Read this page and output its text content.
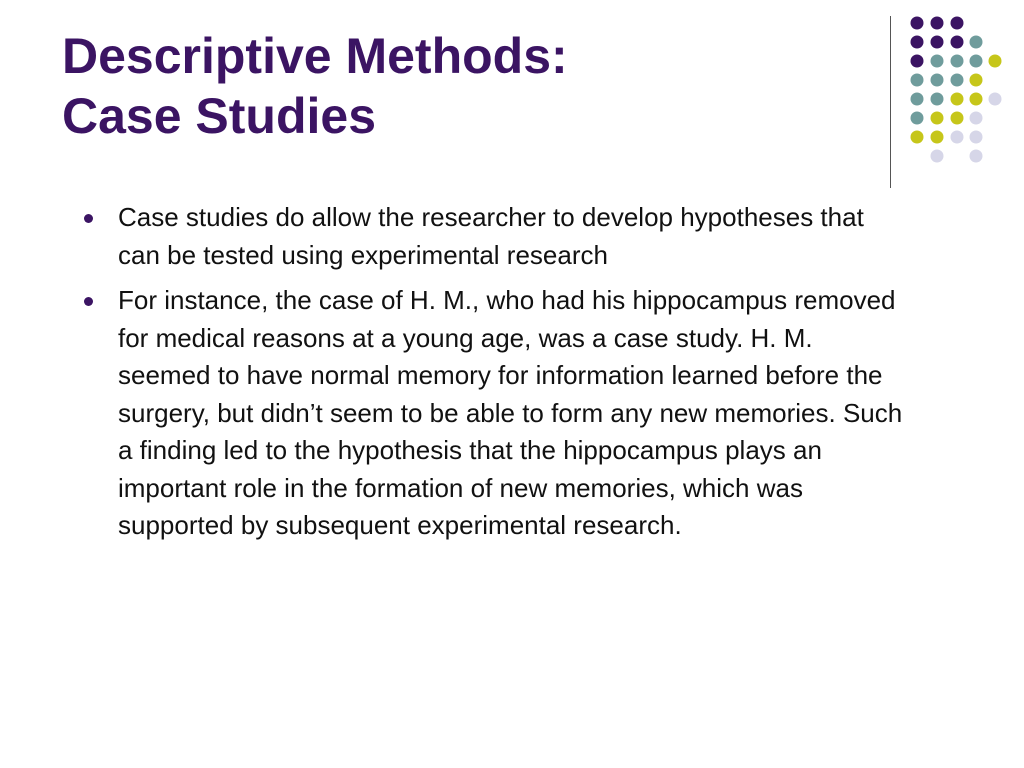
Descriptive Methods:
Case Studies
Case studies do allow the researcher to develop hypotheses that can be tested using experimental research
For instance, the case of H. M., who had his hippocampus removed for medical reasons at a young age, was a case study. H. M. seemed to have normal memory for information learned before the surgery, but didn’t seem to be able to form any new memories. Such a finding led to the hypothesis that the hippocampus plays an important role in the formation of new memories, which was supported by subsequent experimental research.
